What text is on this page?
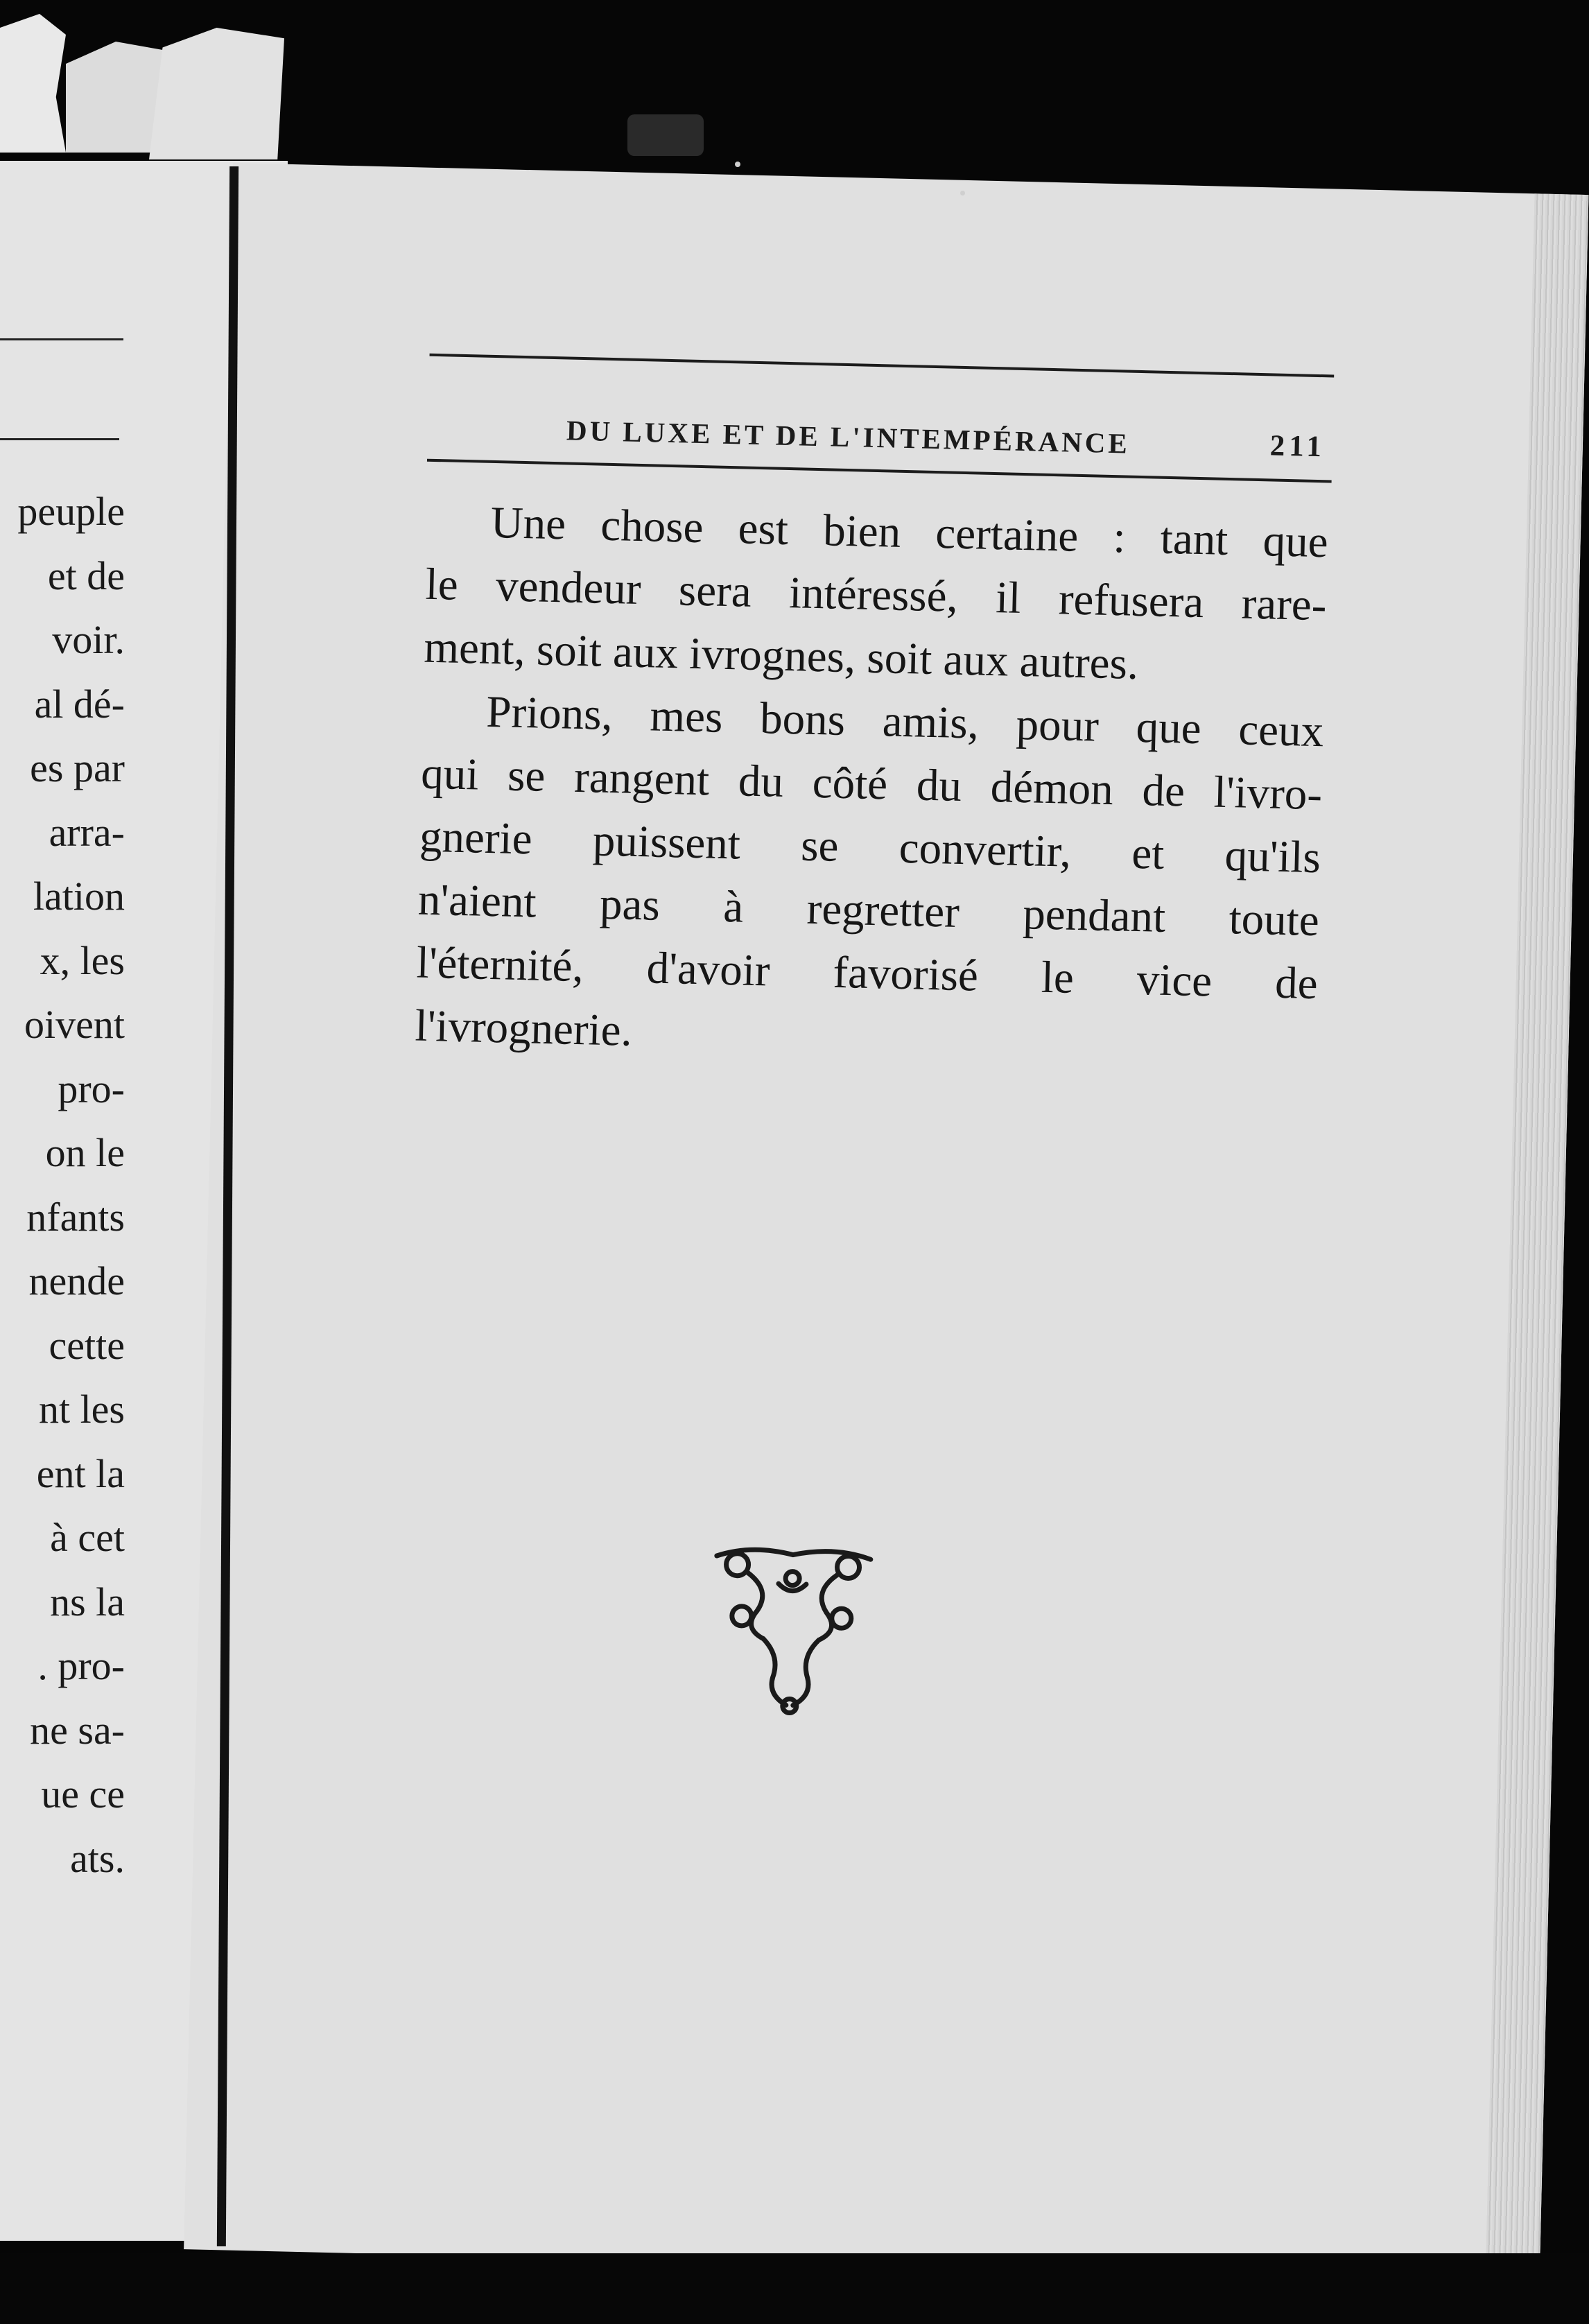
peuple
et de
voir.
al dé-
es par
arra-
lation
x, les
oivent
pro-
on le
nfants
nende
cette
nt les
ent la
à cet
ns la
. pro-
ne sa-
ue ce
ats.
DU LUXE ET DE L'INTEMPÉRANCE	211
Une chose est bien certaine : tant que
le vendeur sera intéressé, il refusera rare-
ment, soit aux ivrognes, soit aux autres.
Prions, mes bons amis, pour que ceux
qui se rangent du côté du démon de l'ivro-
gnerie puissent se convertir, et qu'ils
n'aient pas à regretter pendant toute
l'éternité, d'avoir favorisé le vice de
l'ivrognerie.
